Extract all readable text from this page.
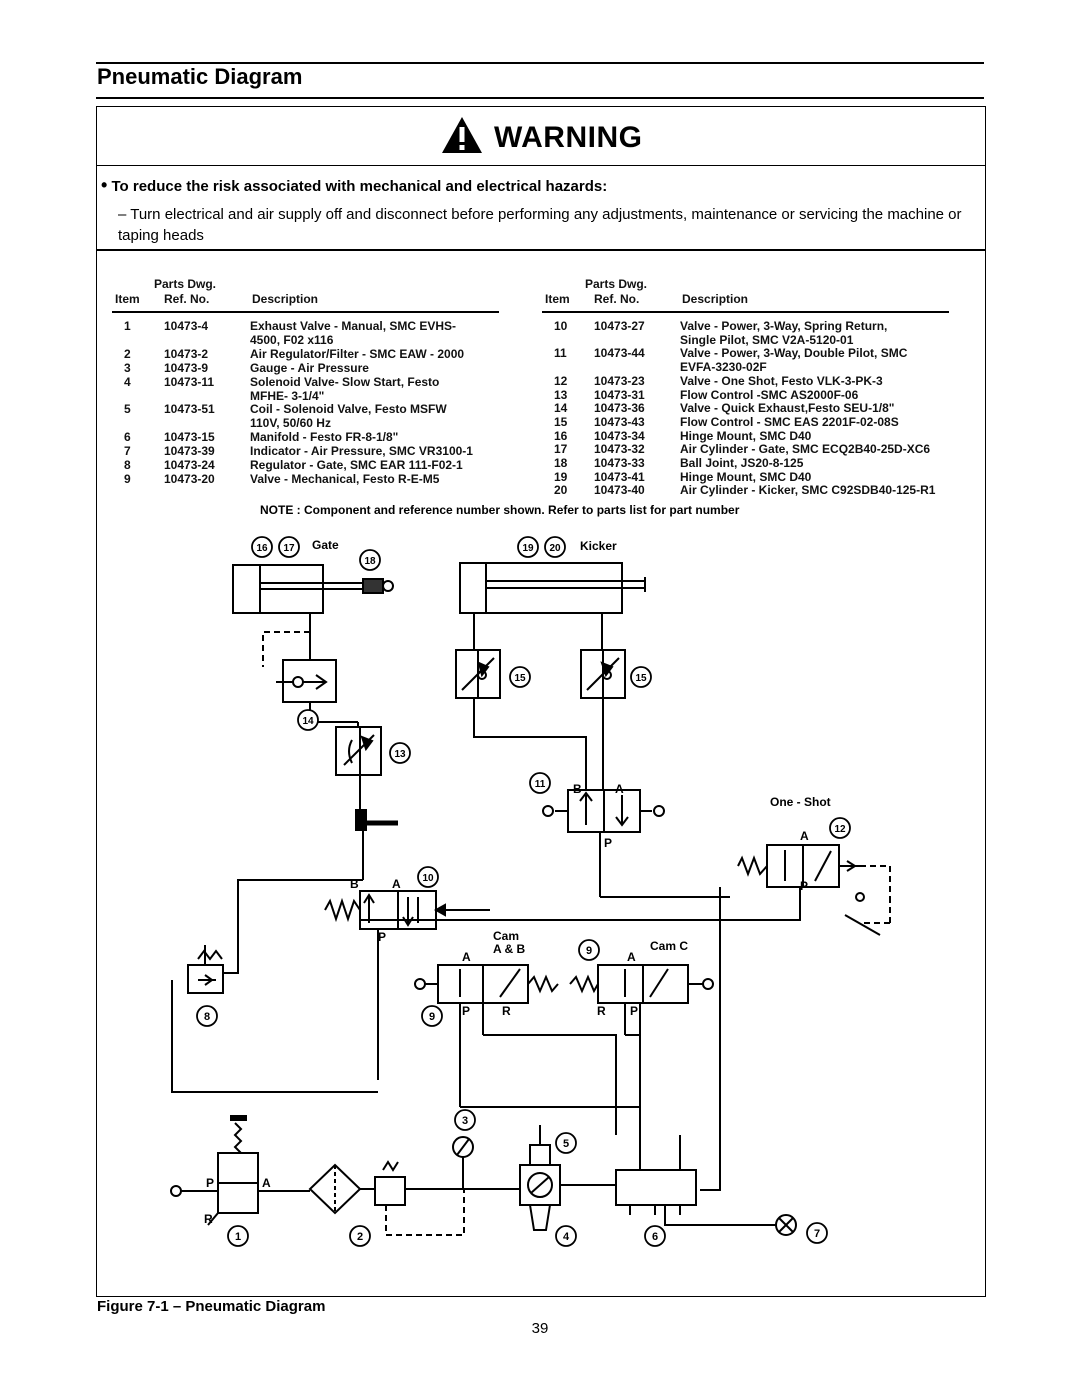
Pneumatic Diagram
WARNING
• To reduce the risk associated with mechanical and electrical hazards:
– Turn electrical and air supply off and disconnect before performing any adjustments, maintenance or servicing the machine or taping heads
Parts Dwg.
Item Ref. No.	Description
1	10473-4	Exhaust Valve - Manual, SMC EVHS-
4500, F02 x116
2	10473-2	Air Regulator/Filter - SMC EAW - 2000
3	10473-9	Gauge - Air Pressure
4	10473-11	Solenoid Valve- Slow Start, Festo
MFHE- 3-1/4"
5	10473-51	Coil - Solenoid Valve, Festo MSFW
110V, 50/60 Hz
6	10473-15	Manifold - Festo FR-8-1/8"
7	10473-39	Indicator - Air Pressure, SMC VR3100-1
8	10473-24	Regulator - Gate, SMC EAR 111-F02-1
9	10473-20	Valve - Mechanical, Festo R-E-M5
Parts Dwg.
Item Ref. No.	Description
10 10473-27	Valve - Power, 3-Way, Spring Return,
Single Pilot, SMC V2A-5120-01
11 10473-44	Valve - Power, 3-Way, Double Pilot, SMC
EVFA-3230-02F
12 10473-23	Valve - One Shot, Festo VLK-3-PK-3
13 10473-31	Flow Control -SMC AS2000F-06
14 10473-36	Valve - Quick Exhaust,Festo SEU-1/8"
15 10473-43	Flow Control - SMC EAS 2201F-02-08S
16 10473-34	Hinge Mount, SMC D40
17 10473-32	Air Cylinder - Gate, SMC ECQ2B40-25D-XC6
18 10473-33	Ball Joint, JS20-8-125
19 10473-41	Hinge Mount, SMC D40
20 10473-40	Air Cylinder - Kicker, SMC C92SDB40-125-R1
NOTE : Component and reference number shown. Refer to parts list for part number
1	2
3
4
5
6	7
8	9
10
11
12
13
14
15
16 17
18
19 20
9
15
Gate	Kicker
One - Shot
Cam
A & B	Cam C
B	A
P	A
P
B	A
P
A
P	R
A
R P
P	A
R
Figure 7-1 – Pneumatic Diagram
39
